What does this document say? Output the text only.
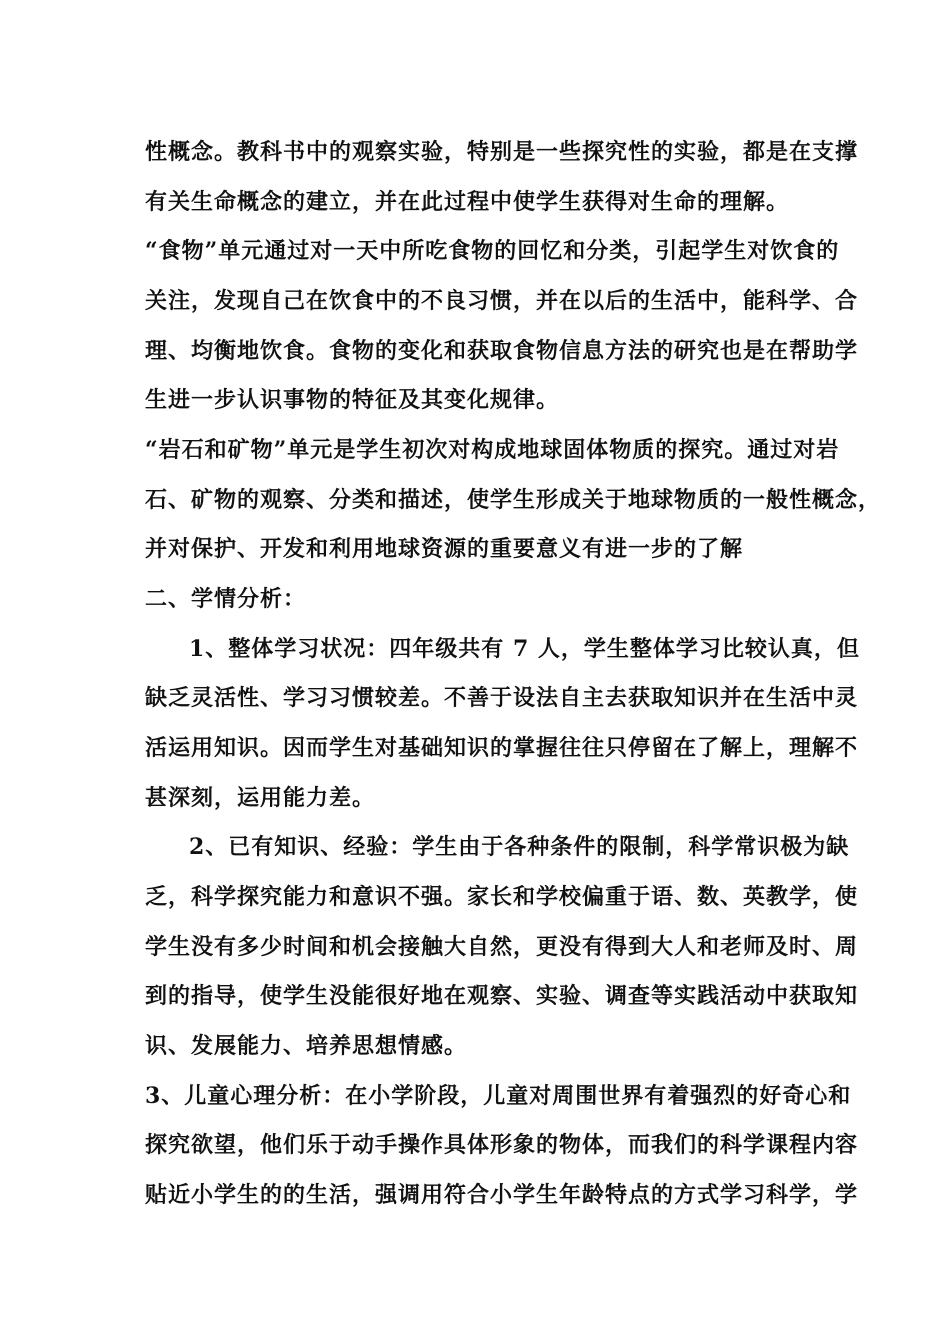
性概念。教科书中的观察实验，特别是一些探究性的实验，都是在支撑
有关生命概念的建立，并在此过程中使学生获得对生命的理解。
“食物”单元通过对一天中所吃食物的回忆和分类，引起学生对饮食的
关注，发现自己在饮食中的不良习惯，并在以后的生活中，能科学、合
理、均衡地饮食。食物的变化和获取食物信息方法的研究也是在帮助学
生进一步认识事物的特征及其变化规律。
“岩石和矿物”单元是学生初次对构成地球固体物质的探究。通过对岩
石、矿物的观察、分类和描述，使学生形成关于地球物质的一般性概念，
并对保护、开发和利用地球资源的重要意义有进一步的了解
二、学情分析：
1、整体学习状况：四年级共有 7 人，学生整体学习比较认真，但
缺乏灵活性、学习习惯较差。不善于设法自主去获取知识并在生活中灵
活运用知识。因而学生对基础知识的掌握往往只停留在了解上，理解不
甚深刻，运用能力差。
2、已有知识、经验：学生由于各种条件的限制，科学常识极为缺
乏，科学探究能力和意识不强。家长和学校偏重于语、数、英教学，使
学生没有多少时间和机会接触大自然，更没有得到大人和老师及时、周
到的指导，使学生没能很好地在观察、实验、调查等实践活动中获取知
识、发展能力、培养思想情感。
3、儿童心理分析：在小学阶段，儿童对周围世界有着强烈的好奇心和
探究欲望，他们乐于动手操作具体形象的物体，而我们的科学课程内容
贴近小学生的的生活，强调用符合小学生年龄特点的方式学习科学，学
